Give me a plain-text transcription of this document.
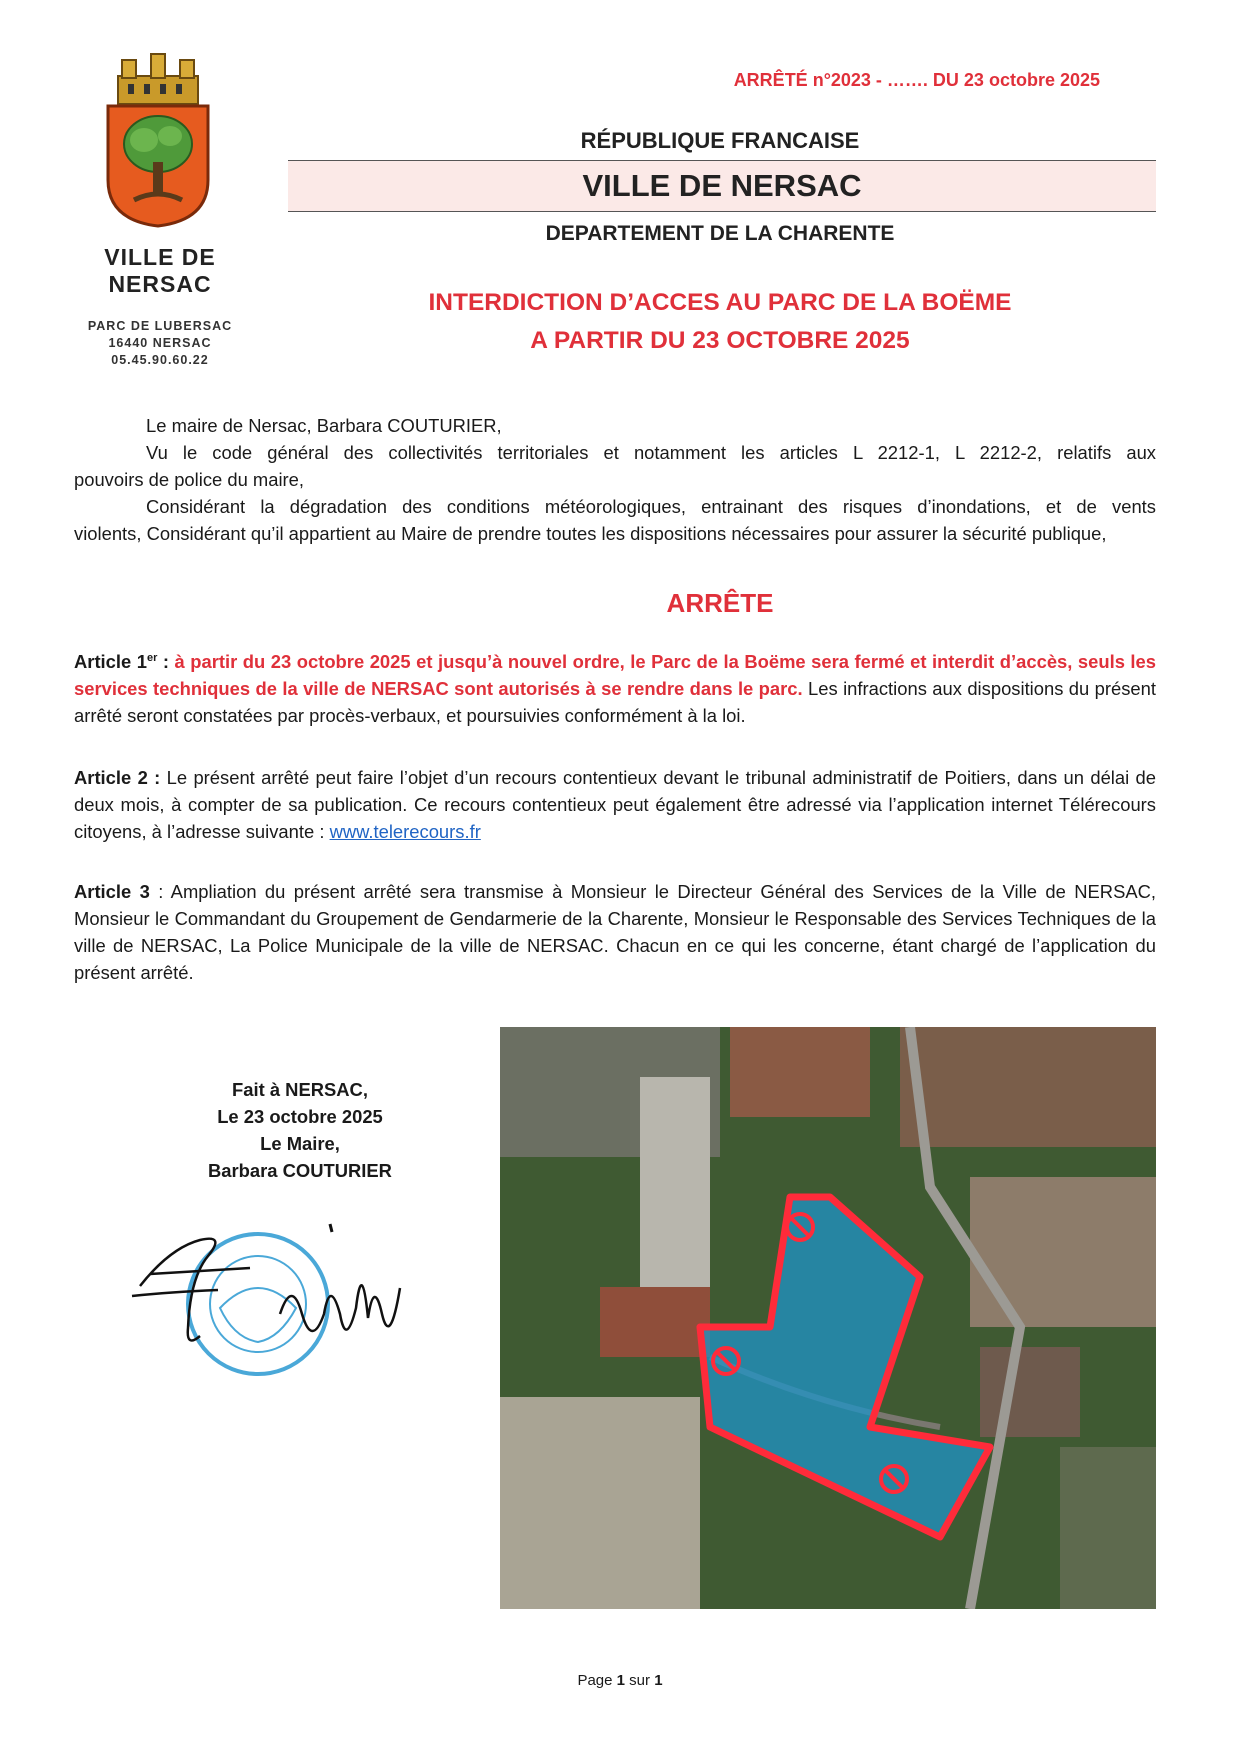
VILLE DE
NERSAC
PARC DE LUBERSAC
16440 NERSAC
05.45.90.60.22
ARRÊTÉ n°2023 - ……. DU 23 octobre 2025
RÉPUBLIQUE FRANCAISE
VILLE DE NERSAC
DEPARTEMENT DE LA CHARENTE
INTERDICTION D’ACCES AU PARC DE LA BOËME
A PARTIR DU 23 OCTOBRE 2025
Le maire de Nersac, Barbara COUTURIER,
Vu le code général des collectivités territoriales et notamment les articles L 2212-1, L 2212-2, relatifs aux
pouvoirs de police du maire,
Considérant la dégradation des conditions météorologiques, entrainant des risques d’inondations, et de vents
violents, Considérant qu’il appartient au Maire de prendre toutes les dispositions nécessaires pour assurer la sécurité publique,
ARRÊTE
Article 1er : à partir du 23 octobre 2025 et jusqu’à nouvel ordre, le Parc de la Boëme sera fermé et interdit d’accès, seuls les services techniques de la ville de NERSAC sont autorisés à se rendre dans le parc. Les infractions aux dispositions du présent arrêté seront constatées par procès-verbaux, et poursuivies conformément à la loi.
Article 2 : Le présent arrêté peut faire l’objet d’un recours contentieux devant le tribunal administratif de Poitiers, dans un délai de deux mois, à compter de sa publication. Ce recours contentieux peut également être adressé via l’application internet Télérecours citoyens, à l’adresse suivante : www.telerecours.fr
Article 3 : Ampliation du présent arrêté sera transmise à Monsieur le Directeur Général des Services de la Ville de NERSAC, Monsieur le Commandant du Groupement de Gendarmerie de la Charente, Monsieur le Responsable des Services Techniques de la ville de NERSAC, La Police Municipale de la ville de NERSAC. Chacun en ce qui les concerne, étant chargé de l’application du présent arrêté.
Fait à NERSAC,
Le 23 octobre 2025
Le Maire,
Barbara COUTURIER
Page 1 sur 1
